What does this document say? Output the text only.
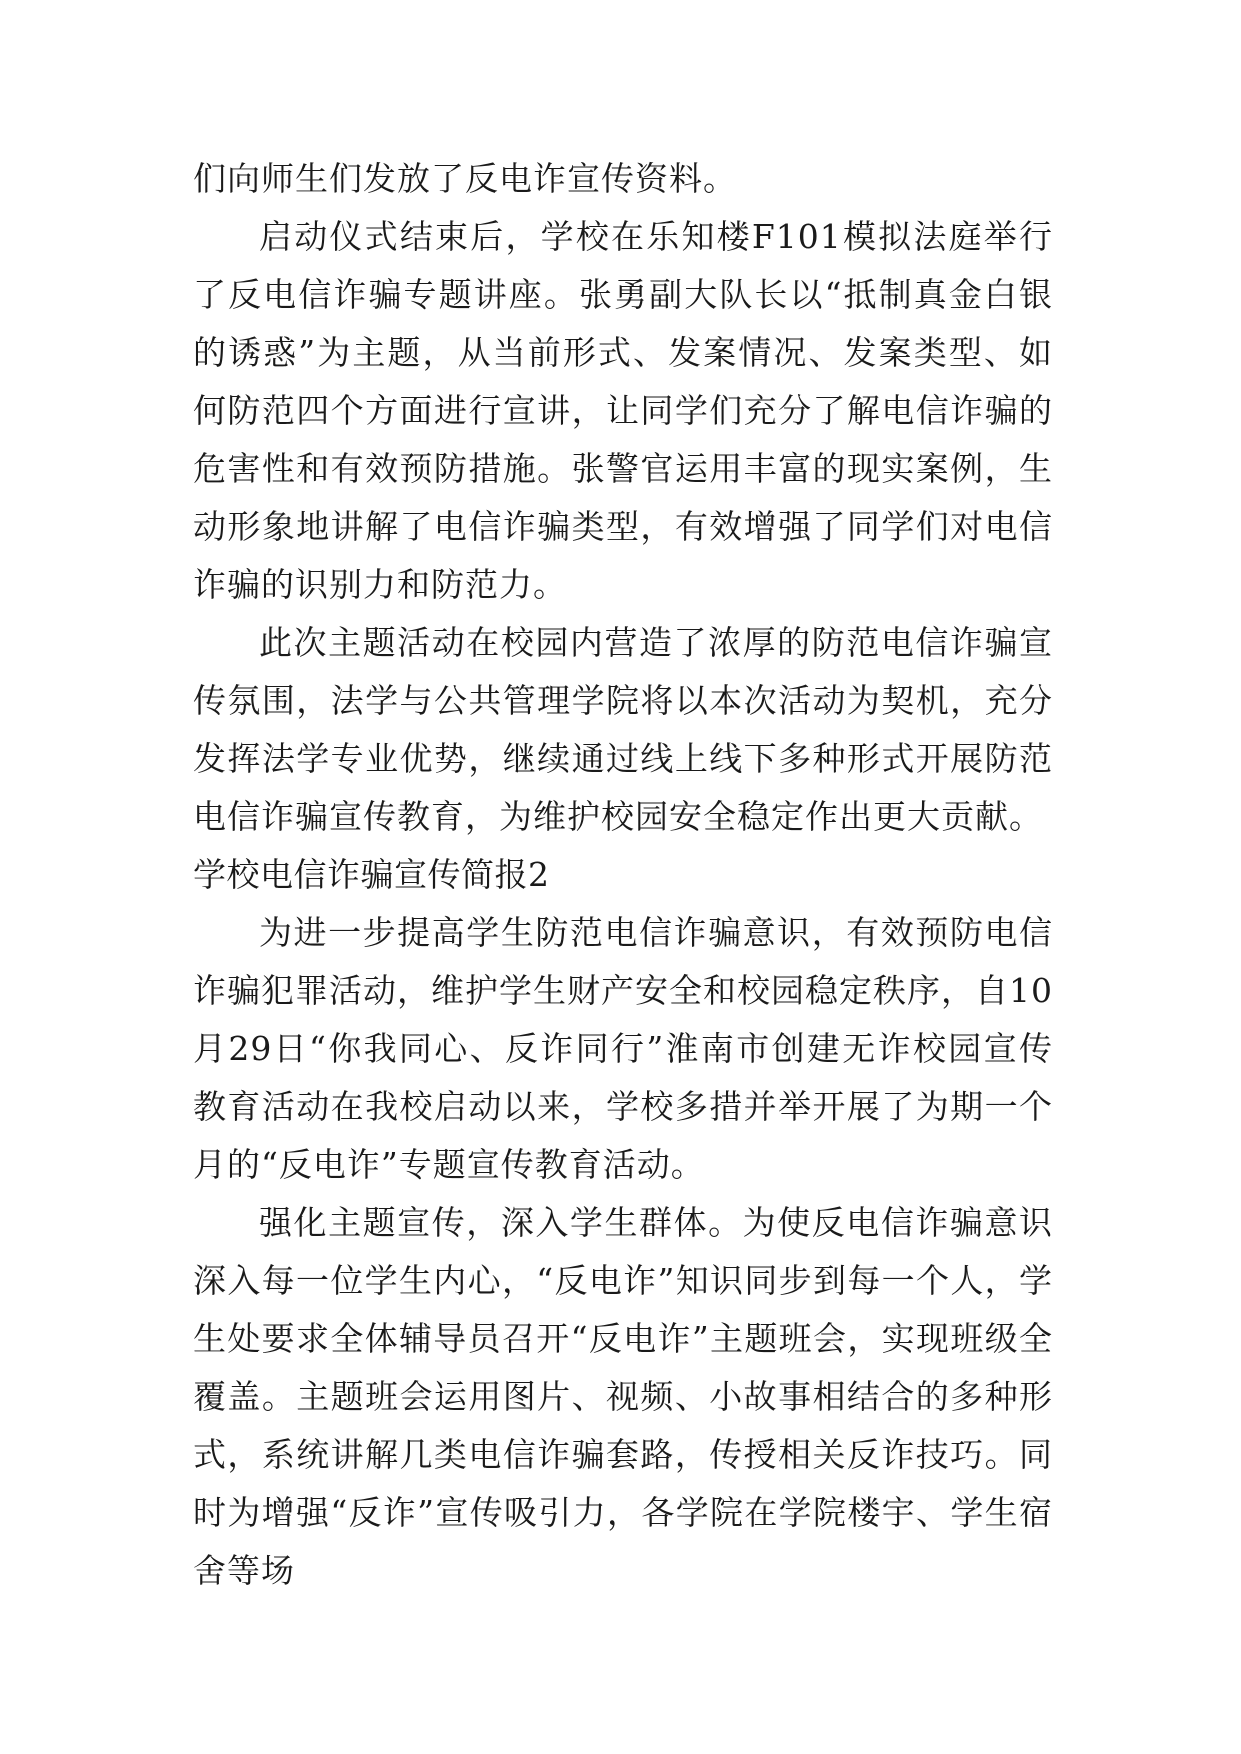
们向师生们发放了反电诈宣传资料。

启动仪式结束后，学校在乐知楼F101模拟法庭举行了反电信诈骗专题讲座。张勇副大队长以“抵制真金白银的诱惑”为主题，从当前形式、发案情况、发案类型、如何防范四个方面进行宣讲，让同学们充分了解电信诈骗的危害性和有效预防措施。张警官运用丰富的现实案例，生动形象地讲解了电信诈骗类型，有效增强了同学们对电信诈骗的识别力和防范力。

此次主题活动在校园内营造了浓厚的防范电信诈骗宣传氛围，法学与公共管理学院将以本次活动为契机，充分发挥法学专业优势，继续通过线上线下多种形式开展防范电信诈骗宣传教育，为维护校园安全稳定作出更大贡献。

学校电信诈骗宣传简报2

为进一步提高学生防范电信诈骗意识，有效预防电信诈骗犯罪活动，维护学生财产安全和校园稳定秩序，自10月29日“你我同心、反诈同行”淮南市创建无诈校园宣传教育活动在我校启动以来，学校多措并举开展了为期一个月的“反电诈”专题宣传教育活动。

强化主题宣传，深入学生群体。为使反电信诈骗意识深入每一位学生内心，“反电诈”知识同步到每一个人，学生处要求全体辅导员召开“反电诈”主题班会，实现班级全覆盖。主题班会运用图片、视频、小故事相结合的多种形式，系统讲解几类电信诈骗套路，传授相关反诈技巧。同时为增强“反诈”宣传吸引力，各学院在学院楼宇、学生宿舍等场
